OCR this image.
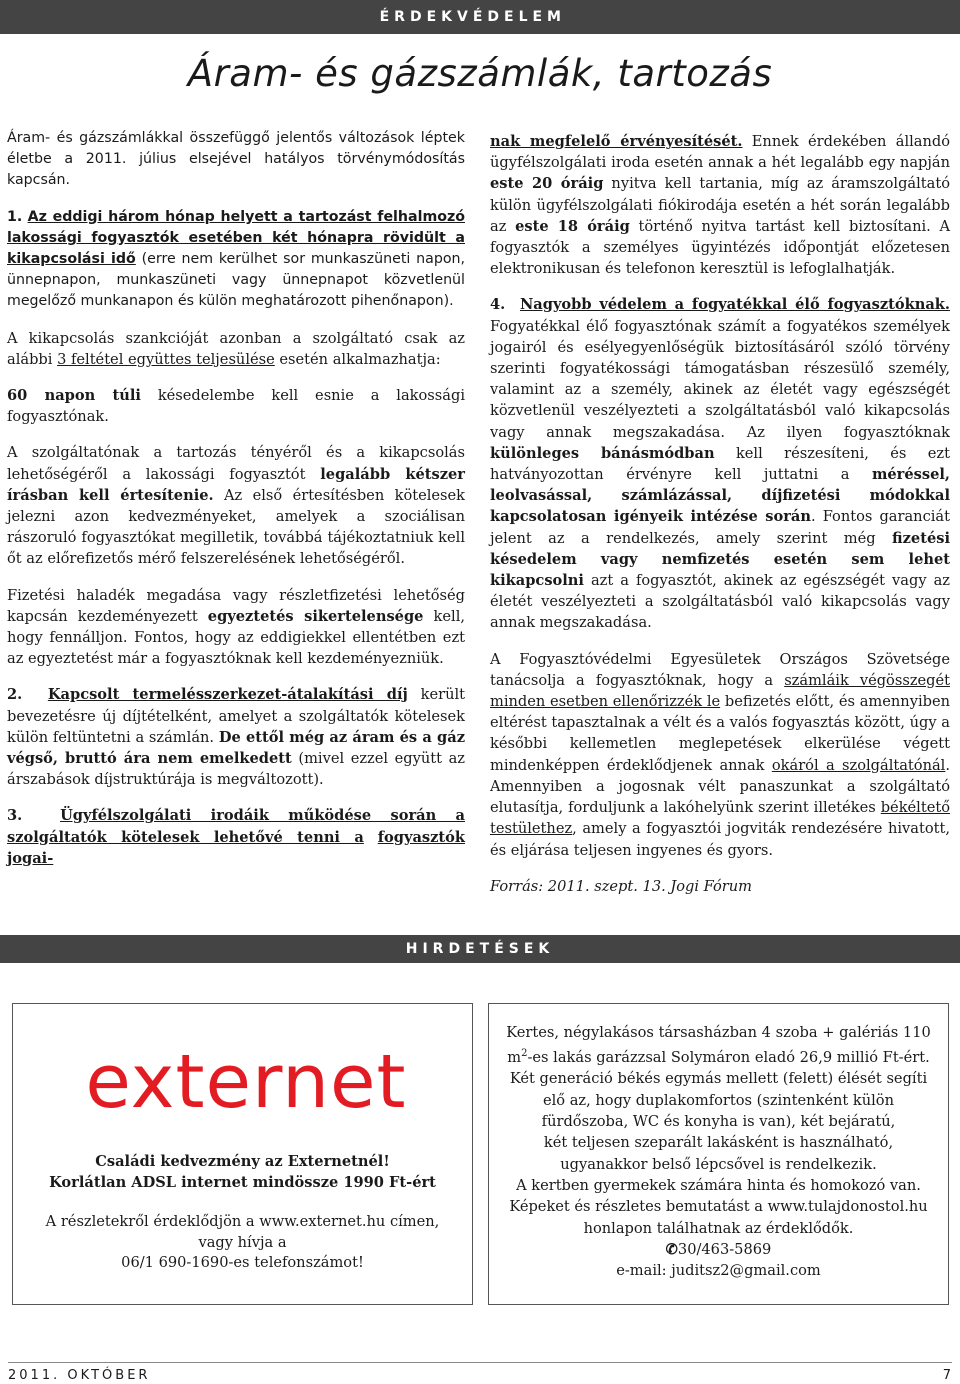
ÉRDEKVÉDELEM
Áram- és gázszámlák, tartozás

Áram- és gázszámlákkal összefüggő jelentős változások léptek életbe a 2011. július elsejével hatályos törvénymódosítás kapcsán.

1. Az eddigi három hónap helyett a tartozást felhalmozó lakossági fogyasztók esetében két hónapra rövidült a kikapcsolási idő (erre nem kerülhet sor munkaszüneti napon, ünnepnapon, munkaszüneti vagy ünnepnapot közvetlenül megelőző munkanapon és külön meghatározott pihenőnapon).

A kikapcsolás szankcióját azonban a szolgáltató csak az alábbi 3 feltétel együttes teljesülése esetén alkalmazhatja:

60 napon túli késedelembe kell esnie a lakossági fogyasztónak.

A szolgáltatónak a tartozás tényéről és a kikapcsolás lehetőségéről a lakossági fogyasztót legalább kétszer írásban kell értesítenie. Az első értesítésben kötelesek jelezni azon kedvezményeket, amelyek a szociálisan rászoruló fogyasztókat megilletik, továbbá tájékoztatniuk kell őt az előrefizetős mérő felszerelésének lehetőségéről.

Fizetési haladék megadása vagy részletfizetési lehetőség kapcsán kezdeményezett egyeztetés sikertelensége kell, hogy fennálljon. Fontos, hogy az eddigiekkel ellentétben ezt az egyeztetést már a fogyasztóknak kell kezdeményezniük.

2. Kapcsolt termelésszerkezet-átalakítási díj került bevezetésre új díjtételként, amelyet a szolgáltatók kötelesek külön feltüntetni a számlán. De ettől még az áram és a gáz végső, bruttó ára nem emelkedett (mivel ezzel együtt az árszabások díjstruktúrája is megváltozott).

3.	Ügyfélszolgálati irodáik működése során a szolgáltatók kötelesek lehetővé tenni a fogyasztók jogai-

nak megfelelő érvényesítését. Ennek érdekében állandó ügyfélszolgálati iroda esetén annak a hét legalább egy napján este 20 óráig nyitva kell tartania, míg az áramszolgáltató külön ügyfélszolgálati fiókirodája esetén a hét során legalább az este 18 óráig történő nyitva tartást kell biztosítani. A fogyasztók a személyes ügyintézés időpontját előzetesen elektronikusan és telefonon keresztül is lefoglalhatják.

4. Nagyobb védelem a fogyatékkal élő fogyasztóknak. Fogyatékkal élő fogyasztónak számít a fogyatékos személyek jogairól és esélyegyenlőségük biztosításáról szóló törvény szerinti fogyatékossági támogatásban részesülő személy, valamint az a személy, akinek az életét vagy egészségét közvetlenül veszélyezteti a szolgáltatásból való kikapcsolás vagy annak megszakadása. Az ilyen fogyasztóknak különleges bánásmódban kell részesíteni, és ezt hatványozottan érvényre kell juttatni a méréssel, leolvasással, számlázással, díjfizetési módokkal kapcsolatosan igényeik intézése során. Fontos garanciát jelent az a rendelkezés, amely szerint még fizetési késedelem vagy nemfizetés esetén sem lehet kikapcsolni azt a fogyasztót, akinek az egészségét vagy az életét veszélyezteti a szolgáltatásból való kikapcsolás vagy annak megszakadása.

A Fogyasztóvédelmi Egyesületek Országos Szövetsége tanácsolja a fogyasztóknak, hogy a számláik végösszegét minden esetben ellenőrizzék le befizetés előtt, és amennyiben eltérést tapasztalnak a vélt és a valós fogyasztás között, úgy a későbbi kellemetlen meglepetések elkerülése végett mindenképpen érdeklődjenek annak okáról a szolgáltatónál. Amennyiben a jogosnak vélt panaszunkat a szolgáltató elutasítja, forduljunk a lakóhelyünk szerint illetékes békéltető testülethez, amely a fogyasztói jogviták rendezésére hivatott, és eljárása teljesen ingyenes és gyors.

Forrás: 2011. szept. 13. Jogi Fórum

HIRDETÉSEK
externet
Családi kedvezmény az Externetnél!
Korlátlan ADSL internet mindössze 1990 Ft-ért
A részletekről érdeklődjön a www.externet.hu címen,
vagy hívja a
06/1 690-1690-es telefonszámot!
Kertes, négylakásos társasházban 4 szoba + galériás 110
$m^2-es$ lakás garázzsal Solymáron eladó 26,9 millió Ft-ért.
Két generáció békés egymás mellett (felett) élését segíti
elő az, hogy duplakomfortos (szintenként külön
fürdőszoba, WC és konyha is van), két bejáratú,
két teljesen szeparált lakásként is használható,
ugyanakkor belső lépcsővel is rendelkezik.
A kertben gyermekek számára hinta és homokozó van.
Képeket és részletes bemutatást a www.tulajdonostol.hu
honlapon találhatnak az érdeklődők.
✆30/463-5869
e-mail: juditsz2@gmail.com
2011. OKTÓBER	7
